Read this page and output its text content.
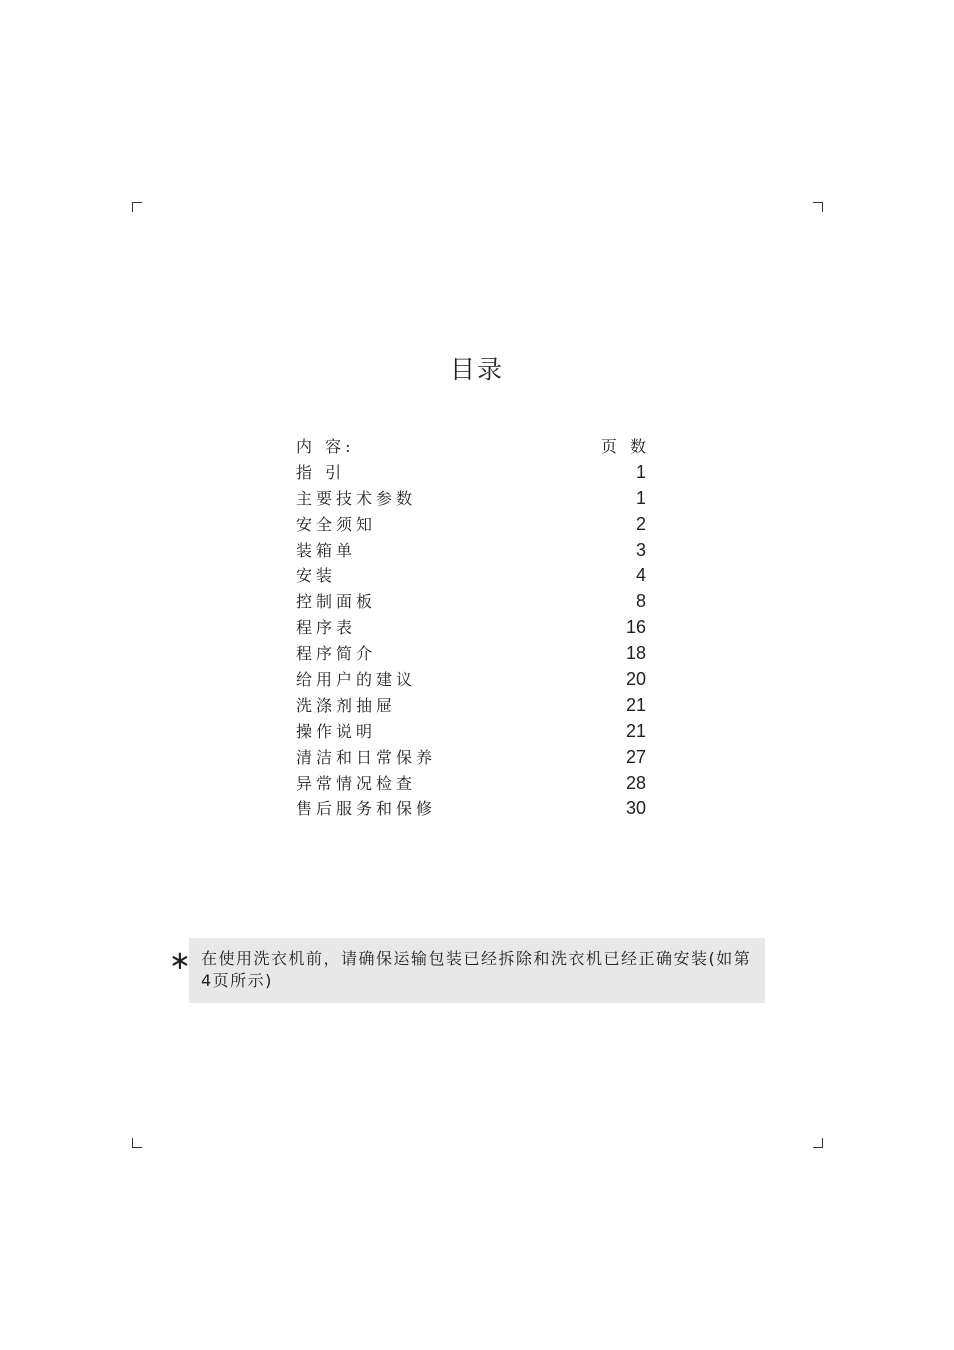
目录
内 容:	页 数
指 引	1
主要技术参数	1
安全须知	2
装箱单	3
安装	4
控制面板	8
程序表	16
程序简介	18
给用户的建议	20
洗涤剂抽屉	21
操作说明	21
清洁和日常保养	27
异常情况检查	28
售后服务和保修	30
∗ 在使用洗衣机前，请确保运输包装已经拆除和洗衣机已经正确安装(如第4页所示)
